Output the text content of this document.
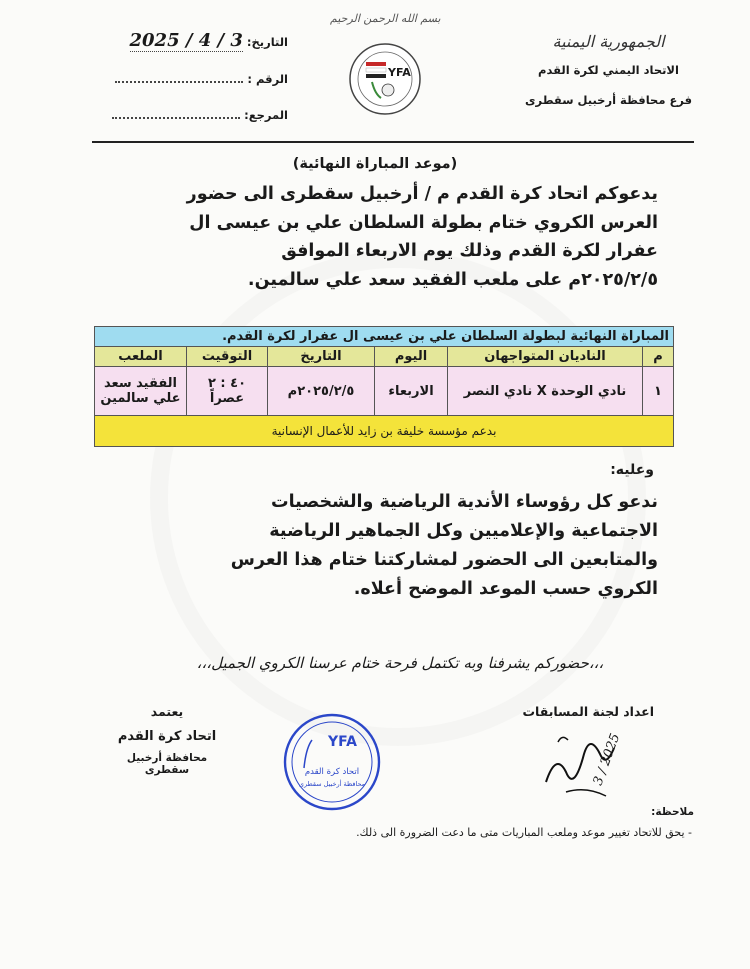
بسم الله الرحمن الرحيم
الجمهورية اليمنية
الاتحاد اليمني لكرة القدم
فرع محافظة أرخبيل سقطرى
YFA
التاريخ: 2025 / 4 / 3
الرقم :
المرجع:
(موعد المباراة النهائية)
يدعوكم اتحاد كرة القدم م / أرخبيل سقطرى الى حضور
العرس الكروي ختام بطولة السلطان علي بن عيسى ال
عفرار لكرة القدم وذلك يوم الاربعاء الموافق
٢٠٢٥/٢/٥م على ملعب الفقيد سعد علي سالمين.
المباراة النهائية لبطولة السلطان علي بن عيسى ال عفرار لكرة القدم.					
م	الناديان المتواجهان	اليوم	التاريخ	التوقيت	الملعب
١	نادي الوحدة X نادي النصر	الاربعاء	٢٠٢٥/٢/٥م	٤٠ : ٢ عصراً	الفقيد سعد علي سالمين
بدعم مؤسسة خليفة بن زايد للأعمال الإنسانية					
وعليه:
ندعو كل رؤوساء الأندية الرياضية والشخصيات
الاجتماعية والإعلاميين وكل الجماهير الرياضية
والمتابعين الى الحضور لمشاركتنا ختام هذا العرس
الكروي حسب الموعد الموضح أعلاه.
،،،حضوركم يشرفنا وبه تكتمل فرحة ختام عرسنا الكروي الجميل،،،
اعداد لجنة المسابقات
3 / 2025
يعتمد
اتحاد كرة القدم
محافظة أرخبيل سقطرى
YFA
اتحاد كرة القدم
محافظة أرخبيل سقطرى
ملاحظة:
- يحق للاتحاد تغيير موعد وملعب المباريات متى ما دعت الضرورة الى ذلك.
